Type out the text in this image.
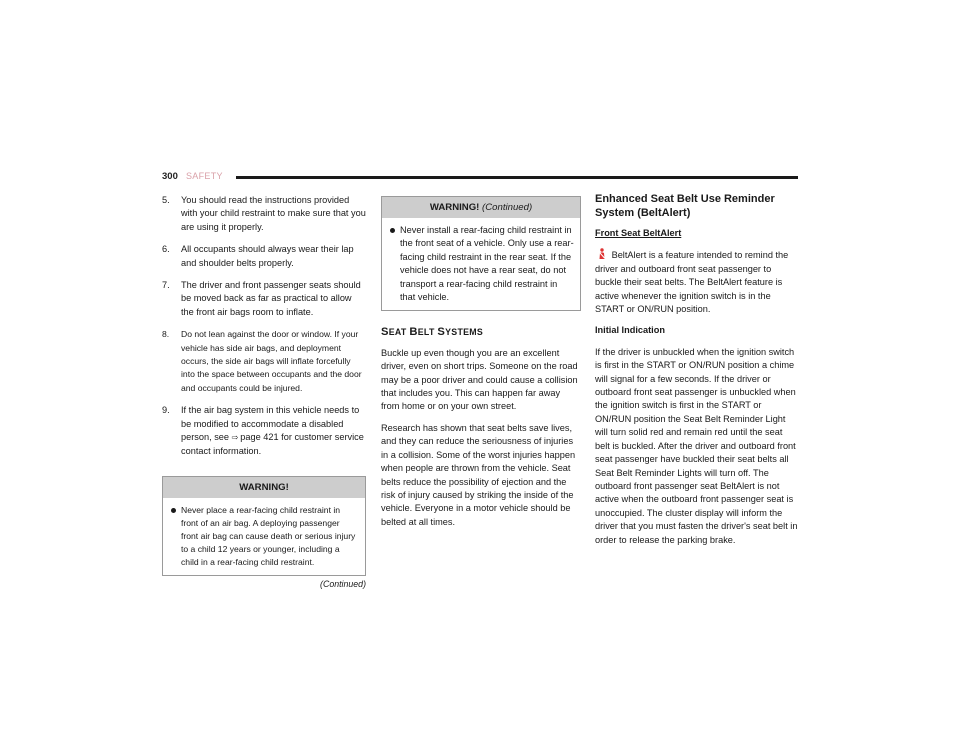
300 SAFETY
5. You should read the instructions provided with your child restraint to make sure that you are using it properly.
6. All occupants should always wear their lap and shoulder belts properly.
7. The driver and front passenger seats should be moved back as far as practical to allow the front air bags room to inflate.
8. Do not lean against the door or window. If your vehicle has side air bags, and deployment occurs, the side air bags will inflate forcefully into the space between occupants and the door and occupants could be injured.
9. If the air bag system in this vehicle needs to be modified to accommodate a disabled person, see ⇨ page 421 for customer service contact information.
WARNING!
Never place a rear-facing child restraint in front of an air bag. A deploying passenger front air bag can cause death or serious injury to a child 12 years or younger, including a child in a rear-facing child restraint.
(Continued)
WARNING! (Continued)
Never install a rear-facing child restraint in the front seat of a vehicle. Only use a rear-facing child restraint in the rear seat. If the vehicle does not have a rear seat, do not transport a rear-facing child restraint in that vehicle.
SEAT BELT SYSTEMS

Buckle up even though you are an excellent driver, even on short trips. Someone on the road may be a poor driver and could cause a collision that includes you. This can happen far away from home or on your own street.

Research has shown that seat belts save lives, and they can reduce the seriousness of injuries in a collision. Some of the worst injuries happen when people are thrown from the vehicle. Seat belts reduce the possibility of ejection and the risk of injury caused by striking the inside of the vehicle. Everyone in a motor vehicle should be belted at all times.

Enhanced Seat Belt Use Reminder System (BeltAlert)
Front Seat BeltAlert

BeltAlert is a feature intended to remind the driver and outboard front seat passenger to buckle their seat belts. The BeltAlert feature is active whenever the ignition switch is in the START or ON/RUN position.

Initial Indication

If the driver is unbuckled when the ignition switch is first in the START or ON/RUN position a chime will signal for a few seconds. If the driver or outboard front seat passenger is unbuckled when the ignition switch is first in the START or ON/RUN position the Seat Belt Reminder Light will turn solid red and remain red until the seat belt is buckled. After the driver and outboard front seat passenger have buckled their seat belts all Seat Belt Reminder Lights will turn off. The outboard front passenger seat BeltAlert is not active when the outboard front passenger seat is unoccupied. The cluster display will inform the driver that you must fasten the driver's seat belt in order to release the parking brake.
